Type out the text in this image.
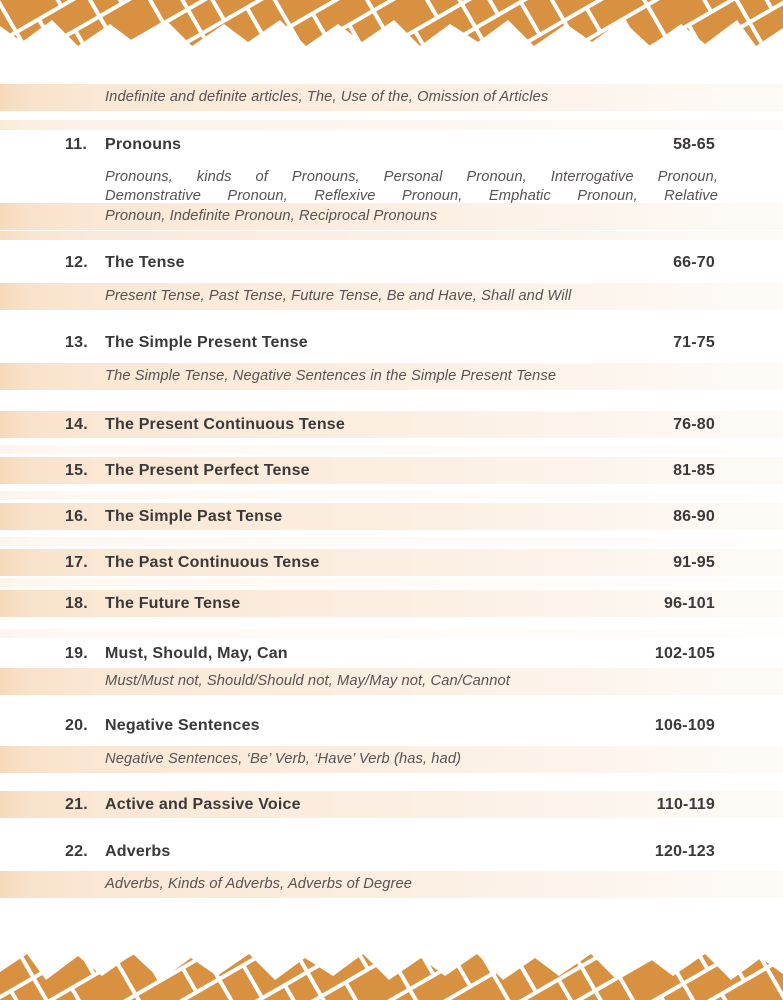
Indefinite and definite articles, The, Use of the, Omission of Articles
11. Pronouns	58-65
Pronouns, kinds of Pronouns, Personal Pronoun, Interrogative Pronoun,
Demonstrative Pronoun, Reflexive Pronoun, Emphatic Pronoun, Relative
Pronoun, Indefinite Pronoun, Reciprocal Pronouns
12. The Tense	66-70
Present Tense, Past Tense, Future Tense, Be and Have, Shall and Will
13. The Simple Present Tense	71-75
The Simple Tense, Negative Sentences in the Simple Present Tense
14. The Present Continuous Tense	76-80
15. The Present Perfect Tense	81-85
16. The Simple Past Tense	86-90
17. The Past Continuous Tense	91-95
18. The Future Tense	96-101
19. Must, Should, May, Can	102-105
Must/Must not, Should/Should not, May/May not, Can/Cannot
20. Negative Sentences	106-109
Negative Sentences, ‘Be’ Verb, ‘Have’ Verb (has, had)
21. Active and Passive Voice	110-119
22. Adverbs	120-123
Adverbs, Kinds of Adverbs, Adverbs of Degree
